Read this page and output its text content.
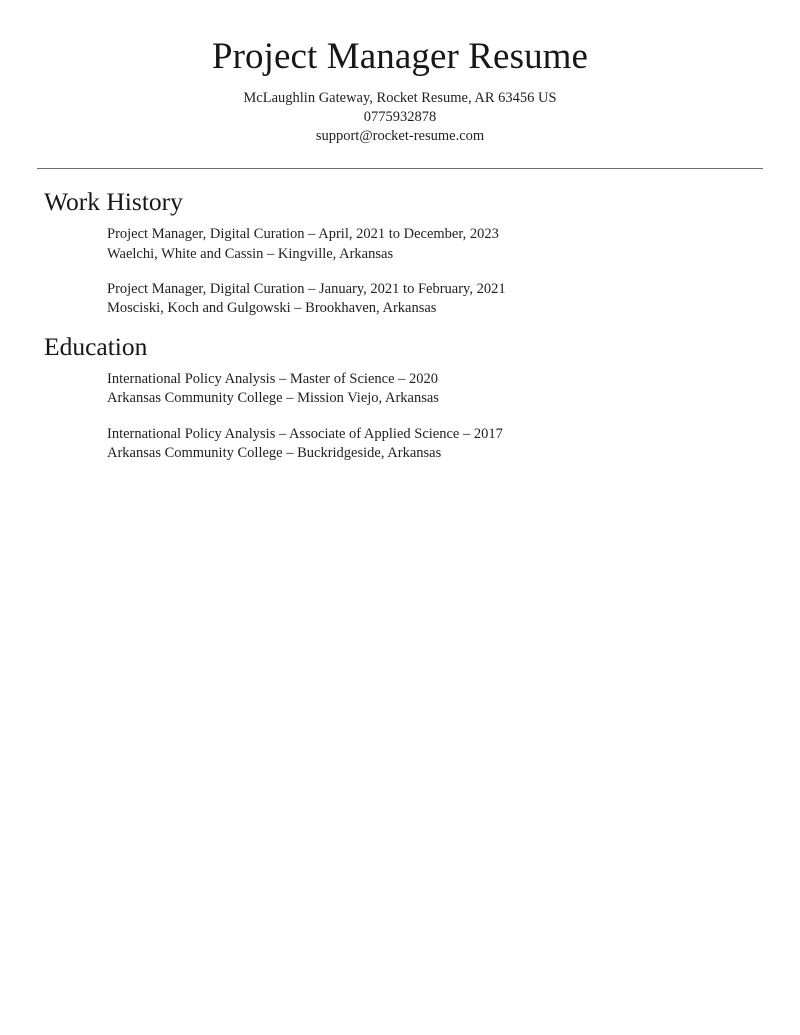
Project Manager Resume

McLaughlin Gateway, Rocket Resume, AR 63456 US

0775932878

support@rocket-resume.com

Work History
Project Manager, Digital Curation – April, 2021 to December, 2023
Waelchi, White and Cassin – Kingville, Arkansas
Project Manager, Digital Curation – January, 2021 to February, 2021
Mosciski, Koch and Gulgowski – Brookhaven, Arkansas
Education
International Policy Analysis – Master of Science – 2020
Arkansas Community College – Mission Viejo, Arkansas
International Policy Analysis – Associate of Applied Science – 2017
Arkansas Community College – Buckridgeside, Arkansas
